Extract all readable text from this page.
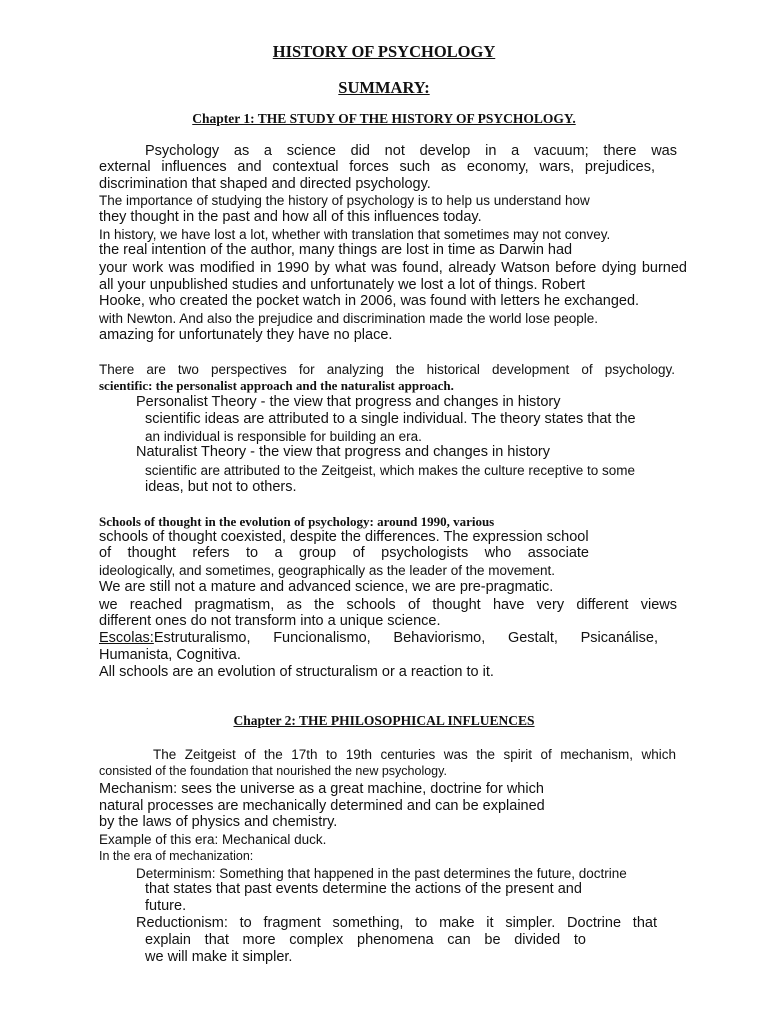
HISTORY OF PSYCHOLOGY
SUMMARY:
Chapter 1: THE STUDY OF THE HISTORY OF PSYCHOLOGY.
Psychology as a science did not develop in a vacuum; there was
external influences and contextual forces such as economy, wars, prejudices,
discrimination that shaped and directed psychology.
The importance of studying the history of psychology is to help us understand how
they thought in the past and how all of this influences today.
In history, we have lost a lot, whether with translation that sometimes may not convey.
the real intention of the author, many things are lost in time as Darwin had
your work was modified in 1990 by what was found, already Watson before dying burned
all your unpublished studies and unfortunately we lost a lot of things. Robert
Hooke, who created the pocket watch in 2006, was found with letters he exchanged.
with Newton. And also the prejudice and discrimination made the world lose people.
amazing for unfortunately they have no place.
There are two perspectives for analyzing the historical development of psychology.
scientific: the personalist approach and the naturalist approach.
Personalist Theory - the view that progress and changes in history
scientific ideas are attributed to a single individual. The theory states that the
an individual is responsible for building an era.
Naturalist Theory - the view that progress and changes in history
scientific are attributed to the Zeitgeist, which makes the culture receptive to some
ideas, but not to others.
Schools of thought in the evolution of psychology: around 1990, various
schools of thought coexisted, despite the differences. The expression school
of thought refers to a group of psychologists who associate
ideologically, and sometimes, geographically as the leader of the movement.
We are still not a mature and advanced science, we are pre-pragmatic.
we reached pragmatism, as the schools of thought have very different views
different ones do not transform into a unique science.
Escolas:Estruturalismo, Funcionalismo, Behaviorismo, Gestalt, Psicanálise,
Humanista, Cognitiva.
All schools are an evolution of structuralism or a reaction to it.
Chapter 2: THE PHILOSOPHICAL INFLUENCES
The Zeitgeist of the 17th to 19th centuries was the spirit of mechanism, which
consisted of the foundation that nourished the new psychology.
Mechanism: sees the universe as a great machine, doctrine for which
natural processes are mechanically determined and can be explained
by the laws of physics and chemistry.
Example of this era: Mechanical duck.
In the era of mechanization:
Determinism: Something that happened in the past determines the future, doctrine
that states that past events determine the actions of the present and
future.
Reductionism: to fragment something, to make it simpler. Doctrine that
explain that more complex phenomena can be divided to
we will make it simpler.
